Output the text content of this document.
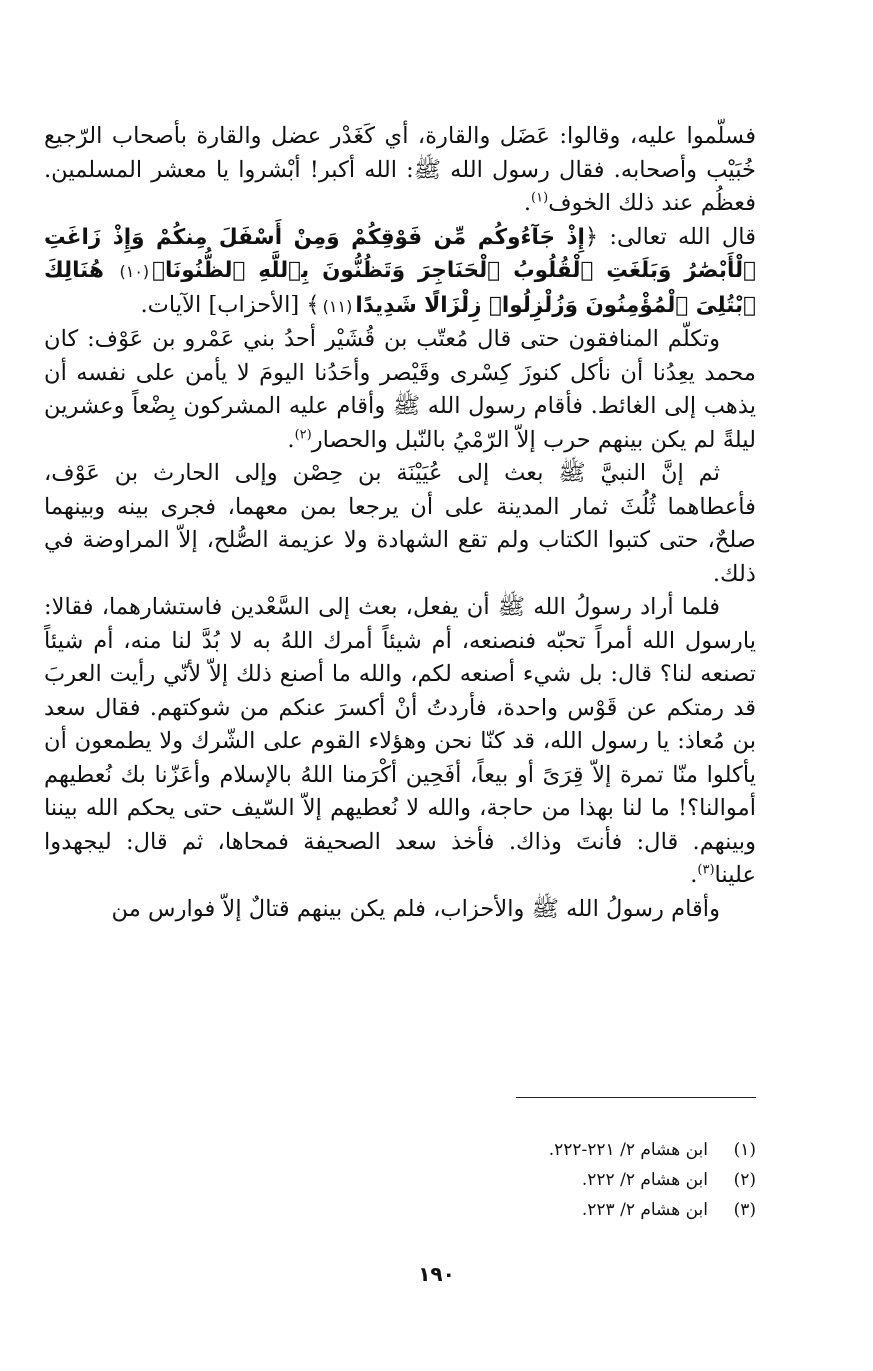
فسلّموا عليه، وقالوا: عَضَل والقارة، أي كَغَدْر عضل والقارة بأصحاب الرّجيع خُبَيْب وأصحابه. فقال رسول الله ﷺ: الله أكبر! أبْشروا يا معشر المسلمين. فعظُم عند ذلك الخوف$^{(١)}$.

قال الله تعالى: ﴿إِذْ جَآءُوكُم مِّن فَوْقِكُمْ وَمِنْ أَسْفَلَ مِنكُمْ وَإِذْ زَاغَتِ ٱلْأَبْصَٰرُ وَبَلَغَتِ ٱلْقُلُوبُ ٱلْحَنَاجِرَ وَتَظُنُّونَ بِٱللَّهِ ٱلظُّنُونَا۠(١٠) هُنَالِكَ ٱبْتُلِىَ ٱلْمُؤْمِنُونَ وَزُلْزِلُوا۟ زِلْزَالًا شَدِيدًا(١١)﴾ [الأحزاب] الآيات.

وتكلّم المنافقون حتى قال مُعتّب بن قُشَيْر أحدُ بني عَمْرو بن عَوْف: كان محمد يعِدُنا أن نأكل كنوزَ كِسْرى وقَيْصر وأحَدُنا اليومَ لا يأمن على نفسه أن يذهب إلى الغائط. فأقام رسول الله ﷺ وأقام عليه المشركون بِضْعاً وعشرين ليلةً لم يكن بينهم حرب إلاّ الرّمْيُ بالنّبل والحصار$^{(٢)}$.

ثم إنَّ النبيَّ ﷺ بعث إلى عُيَيْنَة بن حِصْن وإلى الحارث بن عَوْف، فأعطاهما ثُلُثَ ثمار المدينة على أن يرجعا بمن معهما، فجرى بينه وبينهما صلحٌ، حتى كتبوا الكتاب ولم تقع الشهادة ولا عزيمة الصُّلح، إلاّ المراوضة في ذلك.

فلما أراد رسولُ الله ﷺ أن يفعل، بعث إلى السَّعْدين فاستشارهما، فقالا: يارسول الله أمراً تحبّه فنصنعه، أم شيئاً أمرك اللهُ به لا بُدَّ لنا منه، أم شيئاً تصنعه لنا؟ قال: بل شيء أصنعه لكم، والله ما أصنع ذلك إلاّ لأنّي رأيت العربَ قد رمتكم عن قَوْس واحدة، فأردتُ أنْ أكسرَ عنكم من شوكتهم. فقال سعد بن مُعاذ: يا رسول الله، قد كنّا نحن وهؤلاء القوم على الشّرك ولا يطمعون أن يأكلوا منّا تمرة إلاّ قِرَىً أو بيعاً، أفَحِين أكْرَمنا اللهُ بالإسلام وأعَزّنا بك نُعطيهم أموالنا؟! ما لنا بهذا من حاجة، والله لا نُعطيهم إلاّ السّيف حتى يحكم الله بيننا وبينهم. قال: فأنتَ وذاك. فأخذ سعد الصحيفة فمحاها، ثم قال: ليجهدوا علينا$^{(٣)}$.

وأقام رسولُ الله ﷺ والأحزاب، فلم يكن بينهم قتالٌ إلاّ فوارس من

(١)
ابن هشام ٢/ ٢٢١-٢٢٢.
(٢)
ابن هشام ٢/ ٢٢٢.
(٣)
ابن هشام ٢/ ٢٢٣.
١٩٠
